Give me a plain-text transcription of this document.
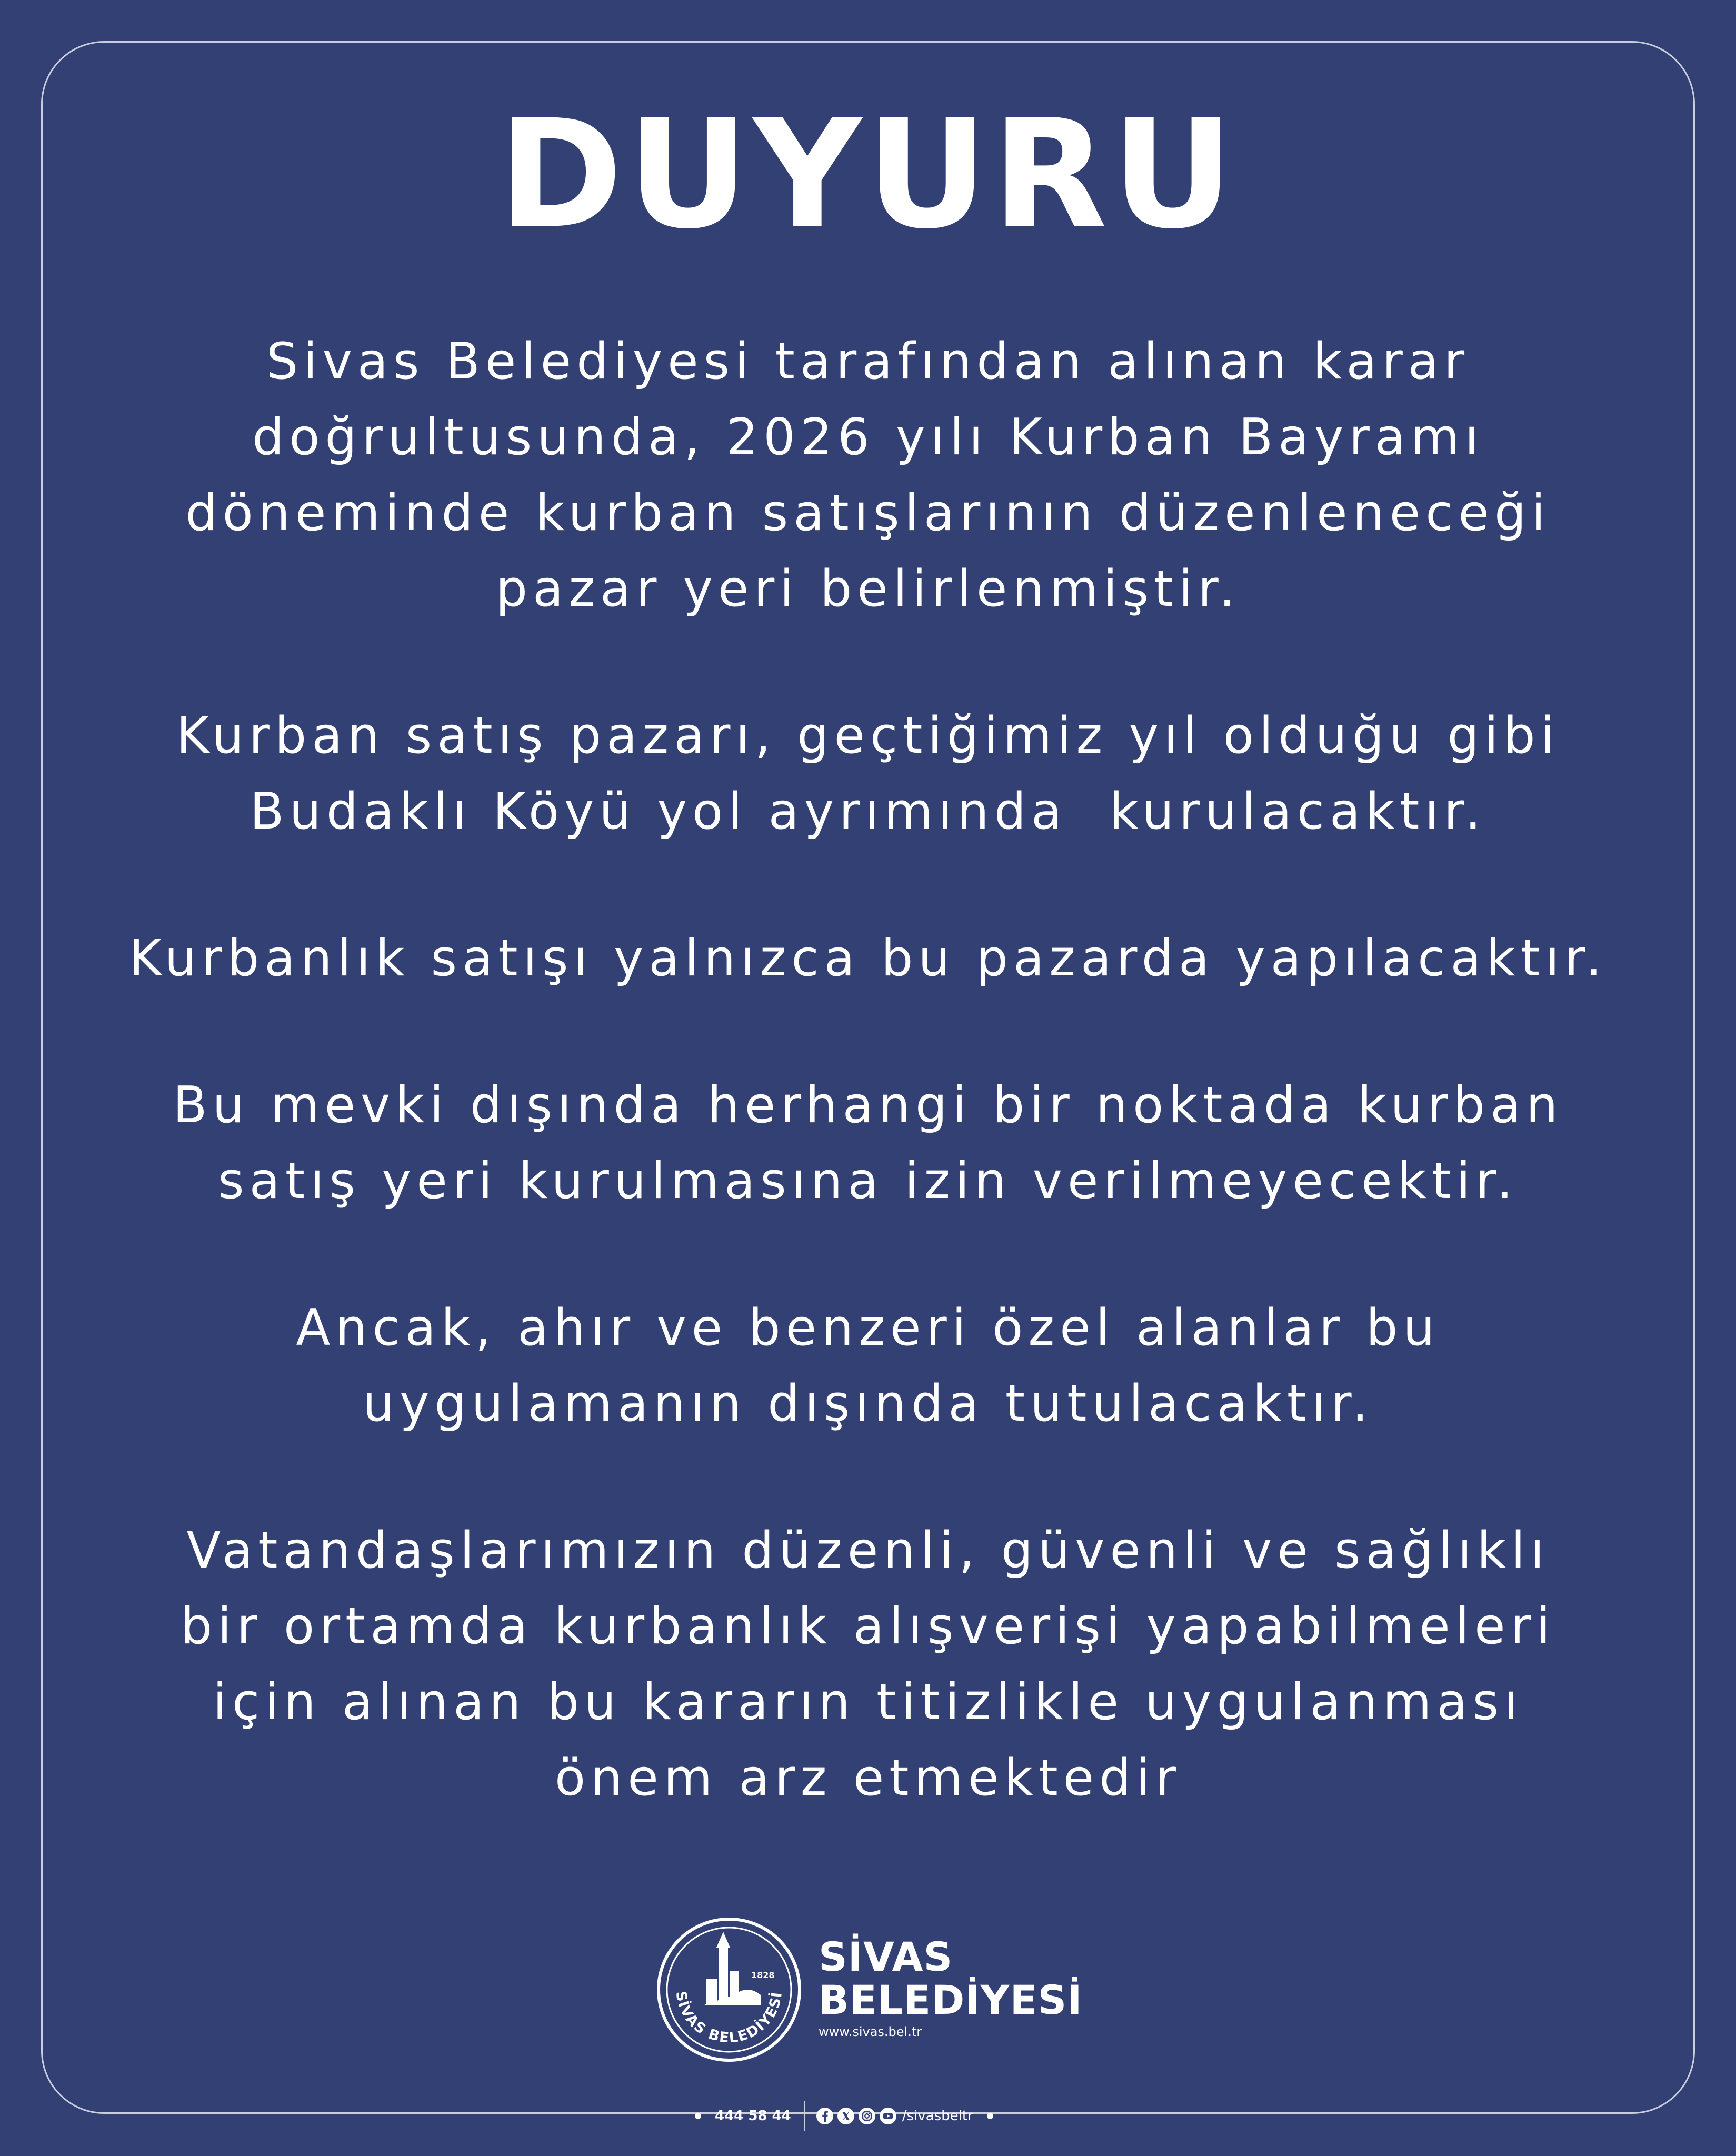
DUYURU

Sivas Belediyesi tarafından alınan karar
doğrultusunda, 2026 yılı Kurban Bayramı
döneminde kurban satışlarının düzenleneceği
pazar yeri belirlenmiştir.

Kurban satış pazarı, geçtiğimiz yıl olduğu gibi
Budaklı Köyü yol ayrımında  kurulacaktır.

Kurbanlık satışı yalnızca bu pazarda yapılacaktır.

Bu mevki dışında herhangi bir noktada kurban
satış yeri kurulmasına izin verilmeyecektir.

Ancak, ahır ve benzeri özel alanlar bu
uygulamanın dışında tutulacaktır.

Vatandaşlarımızın düzenli, güvenli ve sağlıklı
bir ortamda kurbanlık alışverişi yapabilmeleri
için alınan bu kararın titizlikle uygulanması
önem arz etmektedir

1828
SİVAS BELEDİYESİ
SİVAS
BELEDİYESİ
www.sivas.bel.tr
444 58 44	/sivasbeltr
